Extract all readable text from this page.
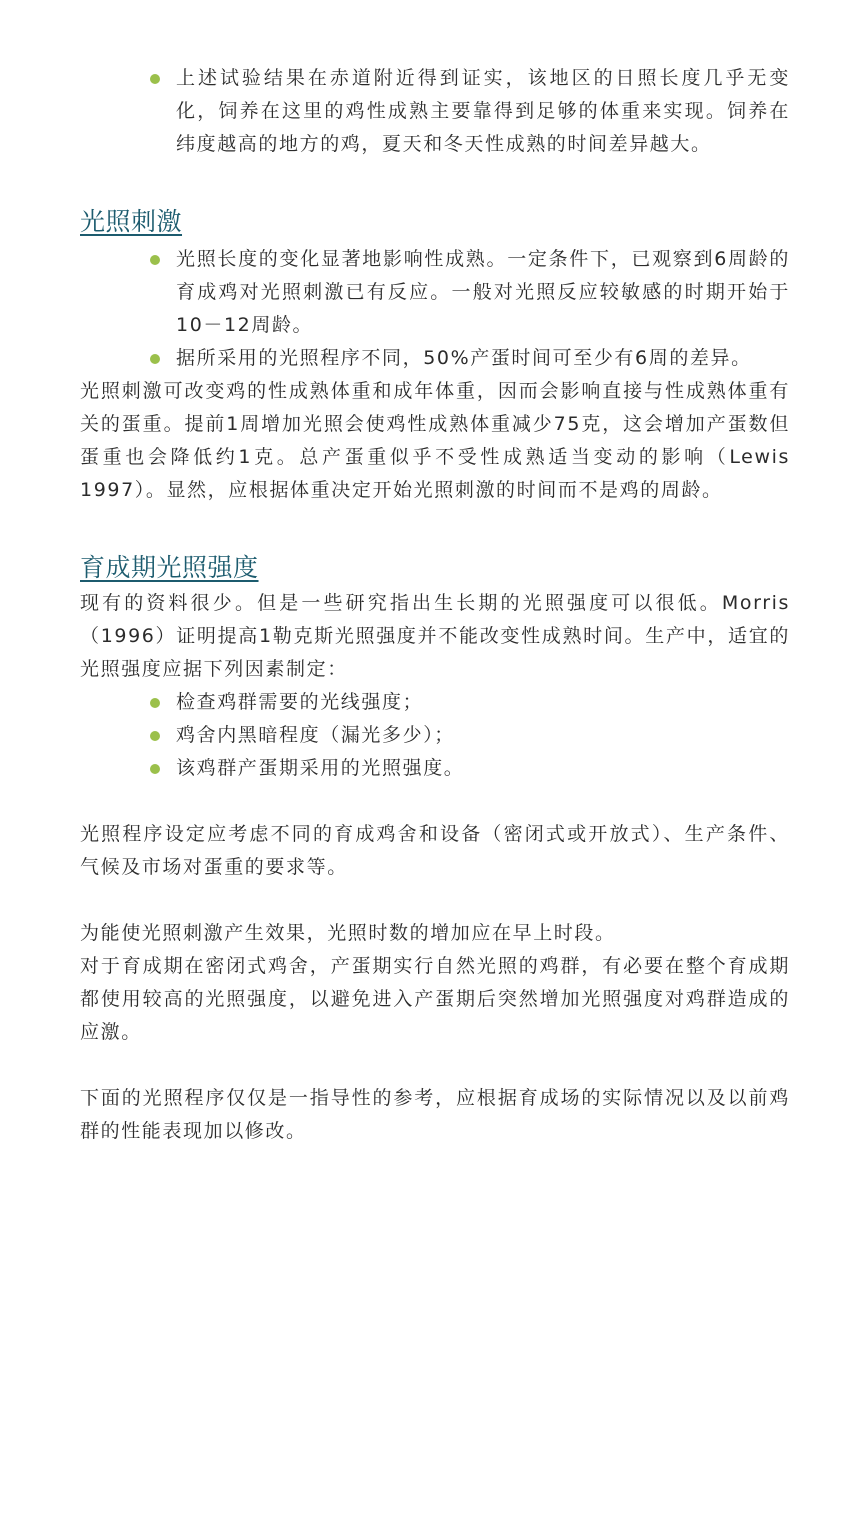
上述试验结果在赤道附近得到证实，该地区的日照长度几乎无变化，饲养在这里的鸡性成熟主要靠得到足够的体重来实现。饲养在纬度越高的地方的鸡，夏天和冬天性成熟的时间差异越大。
光照刺激
光照长度的变化显著地影响性成熟。一定条件下，已观察到6周龄的育成鸡对光照刺激已有反应。一般对光照反应较敏感的时期开始于10－12周龄。
据所采用的光照程序不同，50%产蛋时间可至少有6周的差异。

光照刺激可改变鸡的性成熟体重和成年体重，因而会影响直接与性成熟体重有关的蛋重。提前1周增加光照会使鸡性成熟体重减少75克，这会增加产蛋数但蛋重也会降低约1克。总产蛋重似乎不受性成熟适当变动的影响（Lewis 1997）。显然，应根据体重决定开始光照刺激的时间而不是鸡的周龄。

育成期光照强度

现有的资料很少。但是一些研究指出生长期的光照强度可以很低。Morris（1996）证明提高1勒克斯光照强度并不能改变性成熟时间。生产中，适宜的光照强度应据下列因素制定：

检查鸡群需要的光线强度；
鸡舍内黑暗程度（漏光多少）；
该鸡群产蛋期采用的光照强度。

光照程序设定应考虑不同的育成鸡舍和设备（密闭式或开放式）、生产条件、气候及市场对蛋重的要求等。

为能使光照刺激产生效果，光照时数的增加应在早上时段。

对于育成期在密闭式鸡舍，产蛋期实行自然光照的鸡群，有必要在整个育成期都使用较高的光照强度，以避免进入产蛋期后突然增加光照强度对鸡群造成的应激。

下面的光照程序仅仅是一指导性的参考，应根据育成场的实际情况以及以前鸡群的性能表现加以修改。
